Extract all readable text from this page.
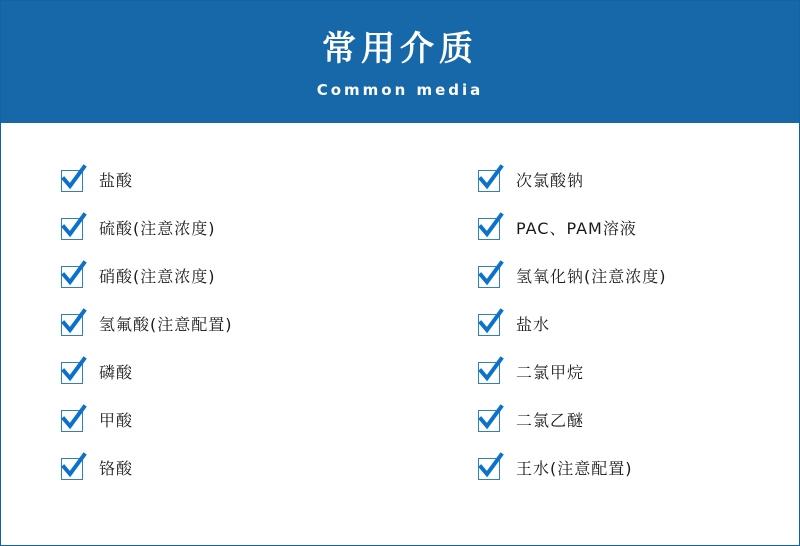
常用介质
Common media
盐酸
硫酸(注意浓度)
硝酸(注意浓度)
氢氟酸(注意配置)
磷酸
甲酸
铬酸
次氯酸钠
PAC、PAM溶液
氢氧化钠(注意浓度)
盐水
二氯甲烷
二氯乙醚
王水(注意配置)
